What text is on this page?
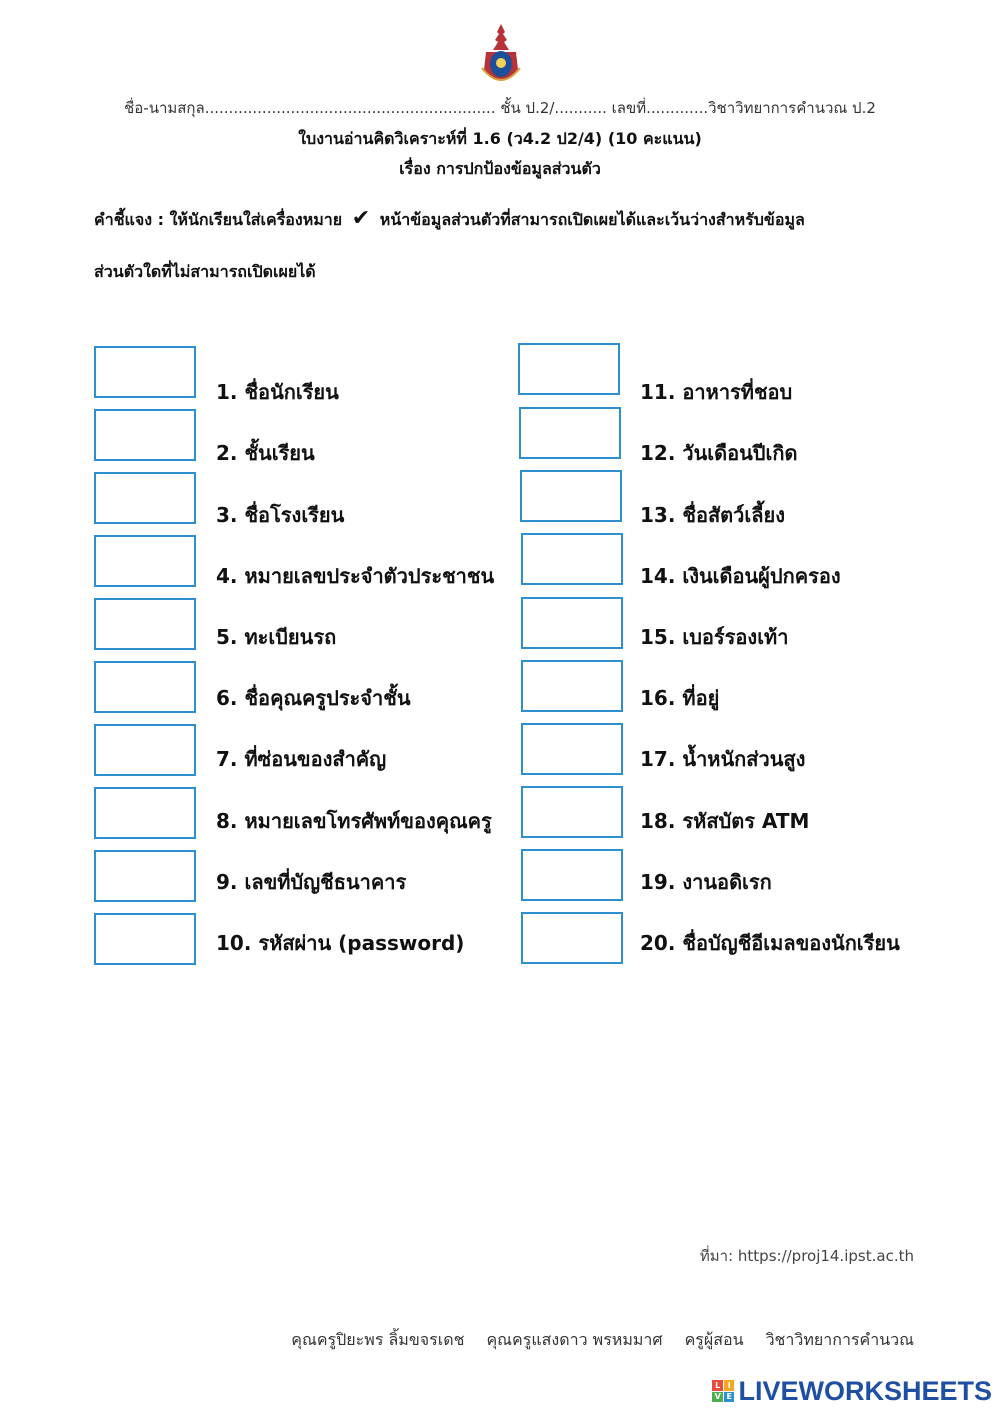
ชื่อ-นามสกุล............................................................. ชั้น ป.2/........... เลขที่.............วิชาวิทยาการคำนวณ ป.2
ใบงานอ่านคิดวิเคราะห์ที่ 1.6 (ว4.2 ป2/4) (10 คะแนน)
เรื่อง การปกป้องข้อมูลส่วนตัว
คำชี้แจง : ให้นักเรียนใส่เครื่องหมาย ✔ หน้าข้อมูลส่วนตัวที่สามารถเปิดเผยได้และเว้นว่างสำหรับข้อมูล
ส่วนตัวใดที่ไม่สามารถเปิดเผยได้
1. ชื่อนักเรียน
2. ชั้นเรียน
3. ชื่อโรงเรียน
4. หมายเลขประจำตัวประชาชน
5. ทะเบียนรถ
6. ชื่อคุณครูประจำชั้น
7. ที่ซ่อนของสำคัญ
8. หมายเลขโทรศัพท์ของคุณครู
9. เลขที่บัญชีธนาคาร
10. รหัสผ่าน (password)
11. อาหารที่ชอบ
12. วันเดือนปีเกิด
13. ชื่อสัตว์เลี้ยง
14. เงินเดือนผู้ปกครอง
15. เบอร์รองเท้า
16. ที่อยู่
17. น้ำหนักส่วนสูง
18. รหัสบัตร ATM
19. งานอดิเรก
20. ชื่อบัญชีอีเมลของนักเรียน
ที่มา: https://proj14.ipst.ac.th
คุณครูปิยะพร ลิ้มขจรเดช คุณครูแสงดาว พรหมมาศ ครูผู้สอน วิชาวิทยาการคำนวณ
L I
V E LIVEWORKSHEETS
